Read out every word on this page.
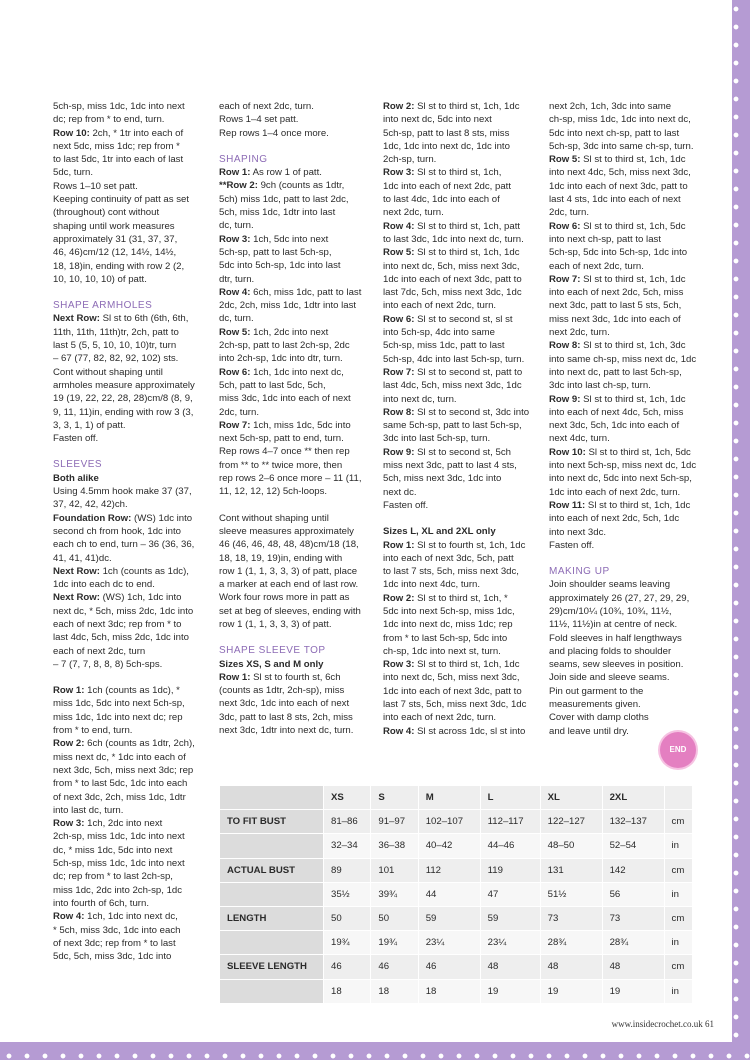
5ch-sp, miss 1dc, 1dc into next
dc; rep from * to end, turn.

Row 10: 2ch, * 1tr into each of
next 5dc, miss 1dc; rep from *
to last 5dc, 1tr into each of last
5dc, turn.

Rows 1–10 set patt.
Keeping continuity of patt as set
(throughout) cont without
shaping until work measures
approximately 31 (31, 37, 37,
46, 46)cm/12 (12, 14½, 14½,
18, 18)in, ending with row 2 (2,
10, 10, 10, 10) of patt.

SHAPE ARMHOLES

Next Row: Sl st to 6th (6th, 6th,
11th, 11th, 11th)tr, 2ch, patt to
last 5 (5, 5, 10, 10, 10)tr, turn
– 67 (77, 82, 82, 92, 102) sts.
Cont without shaping until
armholes measure approximately
19 (19, 22, 22, 28, 28)cm/8 (8, 9,
9, 11, 11)in, ending with row 3 (3,
3, 3, 1, 1) of patt.
Fasten off.

SLEEVES

Both alike

Using 4.5mm hook make 37 (37,
37, 42, 42, 42)ch.

Foundation Row: (WS) 1dc into
second ch from hook, 1dc into
each ch to end, turn – 36 (36, 36,
41, 41, 41)dc.

Next Row: 1ch (counts as 1dc),
1dc into each dc to end.

Next Row: (WS) 1ch, 1dc into
next dc, * 5ch, miss 2dc, 1dc into
each of next 3dc; rep from * to
last 4dc, 5ch, miss 2dc, 1dc into
each of next 2dc, turn
– 7 (7, 7, 8, 8, 8) 5ch-sps.

Row 1: 1ch (counts as 1dc), *
miss 1dc, 5dc into next 5ch-sp,
miss 1dc, 1dc into next dc; rep
from * to end, turn.

Row 2: 6ch (counts as 1dtr, 2ch),
miss next dc, * 1dc into each of
next 3dc, 5ch, miss next 3dc; rep
from * to last 5dc, 1dc into each
of next 3dc, 2ch, miss 1dc, 1dtr
into last dc, turn.

Row 3: 1ch, 2dc into next
2ch-sp, miss 1dc, 1dc into next
dc, * miss 1dc, 5dc into next
5ch-sp, miss 1dc, 1dc into next
dc; rep from * to last 2ch-sp,
miss 1dc, 2dc into 2ch-sp, 1dc
into fourth of 6ch, turn.

Row 4: 1ch, 1dc into next dc,
* 5ch, miss 3dc, 1dc into each
of next 3dc; rep from * to last
5dc, 5ch, miss 3dc, 1dc into

each of next 2dc, turn.
Rows 1–4 set patt.
Rep rows 1–4 once more.

SHAPING

Row 1: As row 1 of patt.

**Row 2: 9ch (counts as 1dtr,
5ch) miss 1dc, patt to last 2dc,
5ch, miss 1dc, 1dtr into last
dc, turn.

Row 3: 1ch, 5dc into next
5ch-sp, patt to last 5ch-sp,
5dc into 5ch-sp, 1dc into last
dtr, turn.

Row 4: 6ch, miss 1dc, patt to last
2dc, 2ch, miss 1dc, 1dtr into last
dc, turn.

Row 5: 1ch, 2dc into next
2ch-sp, patt to last 2ch-sp, 2dc
into 2ch-sp, 1dc into dtr, turn.

Row 6: 1ch, 1dc into next dc,
5ch, patt to last 5dc, 5ch,
miss 3dc, 1dc into each of next
2dc, turn.

Row 7: 1ch, miss 1dc, 5dc into
next 5ch-sp, patt to end, turn.
Rep rows 4–7 once ** then rep
from ** to ** twice more, then
rep rows 2–6 once more – 11 (11,
11, 12, 12, 12) 5ch-loops.

Cont without shaping until
sleeve measures approximately
46 (46, 46, 48, 48, 48)cm/18 (18,
18, 18, 19, 19)in, ending with
row 1 (1, 1, 3, 3, 3) of patt, place
a marker at each end of last row.
Work four rows more in patt as
set at beg of sleeves, ending with
row 1 (1, 1, 3, 3, 3) of patt.

SHAPE SLEEVE TOP

Sizes XS, S and M only

Row 1: Sl st to fourth st, 6ch
(counts as 1dtr, 2ch-sp), miss
next 3dc, 1dc into each of next
3dc, patt to last 8 sts, 2ch, miss
next 3dc, 1dtr into next dc, turn.

Row 2: Sl st to third st, 1ch, 1dc
into next dc, 5dc into next
5ch-sp, patt to last 8 sts, miss
1dc, 1dc into next dc, 1dc into
2ch-sp, turn.

Row 3: Sl st to third st, 1ch,
1dc into each of next 2dc, patt
to last 4dc, 1dc into each of
next 2dc, turn.

Row 4: Sl st to third st, 1ch, patt
to last 3dc, 1dc into next dc, turn.

Row 5: Sl st to third st, 1ch, 1dc
into next dc, 5ch, miss next 3dc,
1dc into each of next 3dc, patt to
last 7dc, 5ch, miss next 3dc, 1dc
into each of next 2dc, turn.

Row 6: Sl st to second st, sl st
into 5ch-sp, 4dc into same
5ch-sp, miss 1dc, patt to last
5ch-sp, 4dc into last 5ch-sp, turn.

Row 7: Sl st to second st, patt to
last 4dc, 5ch, miss next 3dc, 1dc
into next dc, turn.

Row 8: Sl st to second st, 3dc into
same 5ch-sp, patt to last 5ch-sp,
3dc into last 5ch-sp, turn.

Row 9: Sl st to second st, 5ch
miss next 3dc, patt to last 4 sts,
5ch, miss next 3dc, 1dc into
next dc.
Fasten off.

Sizes L, XL and 2XL only

Row 1: Sl st to fourth st, 1ch, 1dc
into each of next 3dc, 5ch, patt
to last 7 sts, 5ch, miss next 3dc,
1dc into next 4dc, turn.

Row 2: Sl st to third st, 1ch, *
5dc into next 5ch-sp, miss 1dc,
1dc into next dc, miss 1dc; rep
from * to last 5ch-sp, 5dc into
ch-sp, 1dc into next st, turn.

Row 3: Sl st to third st, 1ch, 1dc
into next dc, 5ch, miss next 3dc,
1dc into each of next 3dc, patt to
last 7 sts, 5ch, miss next 3dc, 1dc
into each of next 2dc, turn.

Row 4: Sl st across 1dc, sl st into

next 2ch, 1ch, 3dc into same
ch-sp, miss 1dc, 1dc into next dc,
5dc into next ch-sp, patt to last
5ch-sp, 3dc into same ch-sp, turn.

Row 5: Sl st to third st, 1ch, 1dc
into next 4dc, 5ch, miss next 3dc,
1dc into each of next 3dc, patt to
last 4 sts, 1dc into each of next
2dc, turn.

Row 6: Sl st to third st, 1ch, 5dc
into next ch-sp, patt to last
5ch-sp, 5dc into 5ch-sp, 1dc into
each of next 2dc, turn.

Row 7: Sl st to third st, 1ch, 1dc
into each of next 2dc, 5ch, miss
next 3dc, patt to last 5 sts, 5ch,
miss next 3dc, 1dc into each of
next 2dc, turn.

Row 8: Sl st to third st, 1ch, 3dc
into same ch-sp, miss next dc, 1dc
into next dc, patt to last 5ch-sp,
3dc into last ch-sp, turn.

Row 9: Sl st to third st, 1ch, 1dc
into each of next 4dc, 5ch, miss
next 3dc, 5ch, 1dc into each of
next 4dc, turn.

Row 10: Sl st to third st, 1ch, 5dc
into next 5ch-sp, miss next dc, 1dc
into next dc, 5dc into next 5ch-sp,
1dc into each of next 2dc, turn.

Row 11: Sl st to third st, 1ch, 1dc
into each of next 2dc, 5ch, 1dc
into next 3dc.
Fasten off.

MAKING UP

Join shoulder seams leaving
approximately 26 (27, 27, 29, 29,
29)cm/10¼ (10¾, 10¾, 11½,
11½, 11½)in at centre of neck.
Fold sleeves in half lengthways
and placing folds to shoulder
seams, sew sleeves in position.
Join side and sleeve seams.
Pin out garment to the
measurements given.
Cover with damp cloths
and leave until dry.

END
	XS	S	M	L	XL	2XL	
TO FIT BUST	81–86	91–97	102–107	112–117	122–127	132–137	cm
	32–34	36–38	40–42	44–46	48–50	52–54	in
ACTUAL BUST	89	101	112	119	131	142	cm
	35½	39¾	44	47	51½	56	in
LENGTH	50	50	59	59	73	73	cm
	19¾	19¾	23¼	23¼	28¾	28¾	in
SLEEVE LENGTH	46	46	46	48	48	48	cm
	18	18	18	19	19	19	in
www.insidecrochet.co.uk 61
